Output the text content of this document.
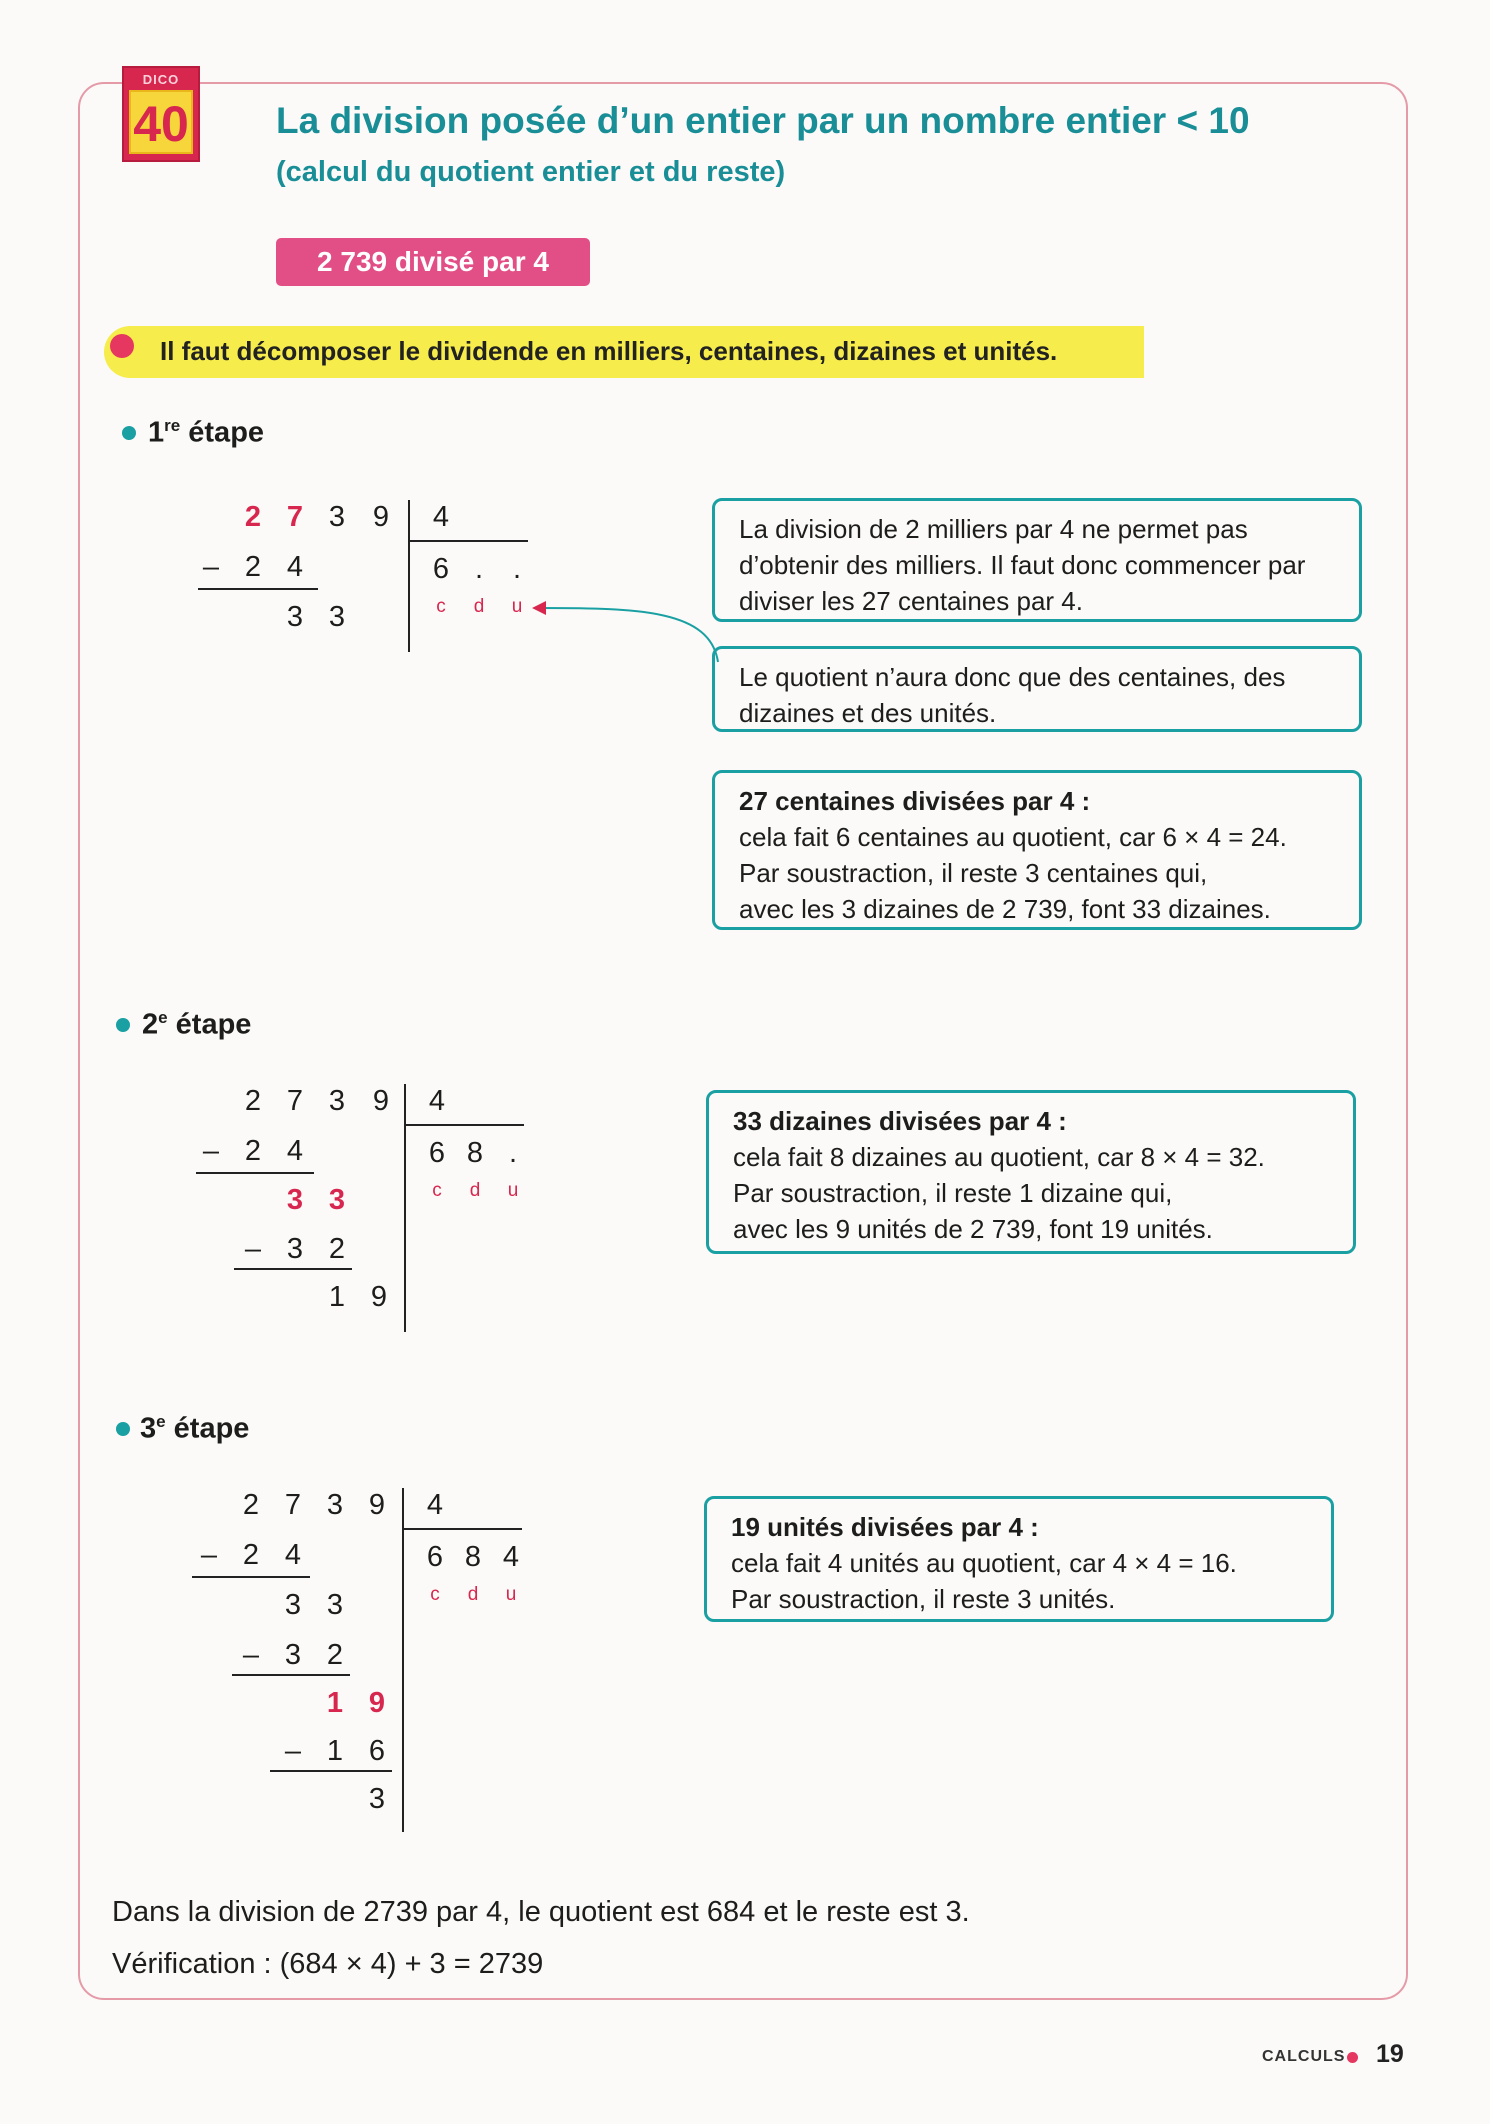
DICO
40 La division posée d’un entier par un nombre entier < 10
(calcul du quotient entier et du reste)
2 739 divisé par 4
Il faut décomposer le dividende en milliers, centaines, dizaines et unités.
1re étape
2 7 3 9 4
– 2 4
3 3
6 .	.
c	d	u
La division de 2 milliers par 4 ne permet pas d’obtenir des milliers. Il faut donc commencer par diviser les 27 centaines par 4.
Le quotient n’aura donc que des centaines, des dizaines et des unités.
27 centaines divisées par 4 :
cela fait 6 centaines au quotient, car 6 × 4 = 24.
Par soustraction, il reste 3 centaines qui,
avec les 3 dizaines de 2 739, font 33 dizaines.
2e étape
2 7 3 9 4
– 2 4
3 3
– 3 2
1 9
6 8 .
c	d	u
33 dizaines divisées par 4 :
cela fait 8 dizaines au quotient, car 8 × 4 = 32.
Par soustraction, il reste 1 dizaine qui,
avec les 9 unités de 2 739, font 19 unités.
3e étape
2 7 3 9 4
– 2 4
3 3
– 3 2
1 9
– 1 6
3
6 8 4
c	d	u
19 unités divisées par 4 :
cela fait 4 unités au quotient, car 4 × 4 = 16.
Par soustraction, il reste 3 unités.
Dans la division de 2739 par 4, le quotient est 684 et le reste est 3.
Vérification : (684 × 4) + 3 = 2739
CALCULS 19
